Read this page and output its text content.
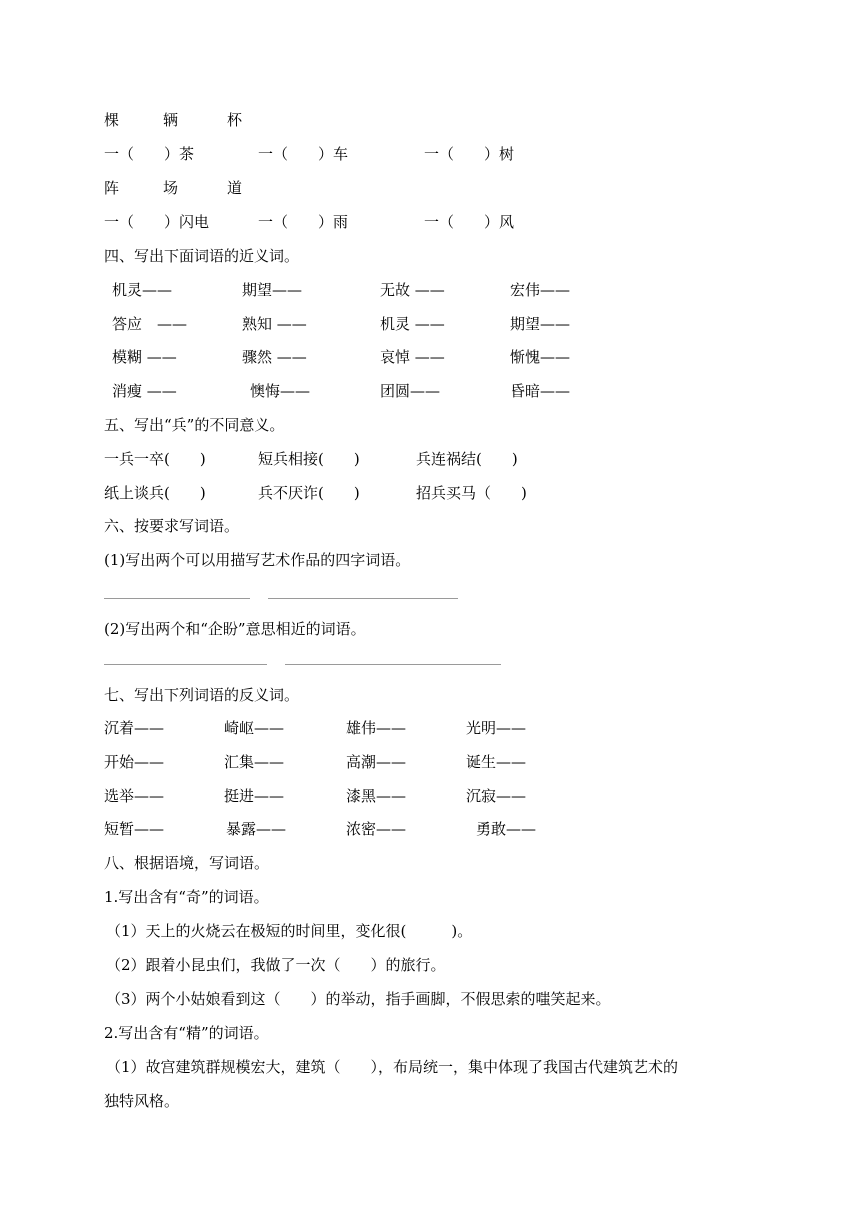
棵	辆	杯
一（　　）茶	一（　　）车	一（　　）树
阵	场	道
一（　　）闪电	一（　　）雨	一（　　）风
四、写出下面词语的近义词。
机灵——	期望——	无故 ——	宏伟——
答应　——	熟知 ——	机灵 ——	期望——
模糊 ——	骤然 ——	哀悼 ——	惭愧——
消瘦 ——	懊悔——	团圆——	昏暗——
五、写出“兵”的不同意义。
一兵一卒(　　)	短兵相接(　　)	兵连祸结(　　)
纸上谈兵(　　)	兵不厌诈(　　)	招兵买马（　　)
六、按要求写词语。
(1)写出两个可以用描写艺术作品的四字词语。
(2)写出两个和“企盼”意思相近的词语。
七、写出下列词语的反义词。
沉着——	崎岖——	雄伟——	光明——
开始——	汇集——	高潮——	诞生——
选举——	挺进——	漆黑——	沉寂——
短暂——	暴露——	浓密——	勇敢——
八、根据语境，写词语。
1.写出含有“奇”的词语。
（1）天上的火烧云在极短的时间里，变化很(　　　)。
（2）跟着小昆虫们，我做了一次（　　）的旅行。
（3）两个小姑娘看到这（　　）的举动，指手画脚，不假思索的嗤笑起来。
2.写出含有“精”的词语。
（1）故宫建筑群规模宏大，建筑（　　），布局统一，集中体现了我国古代建筑艺术的
独特风格。
